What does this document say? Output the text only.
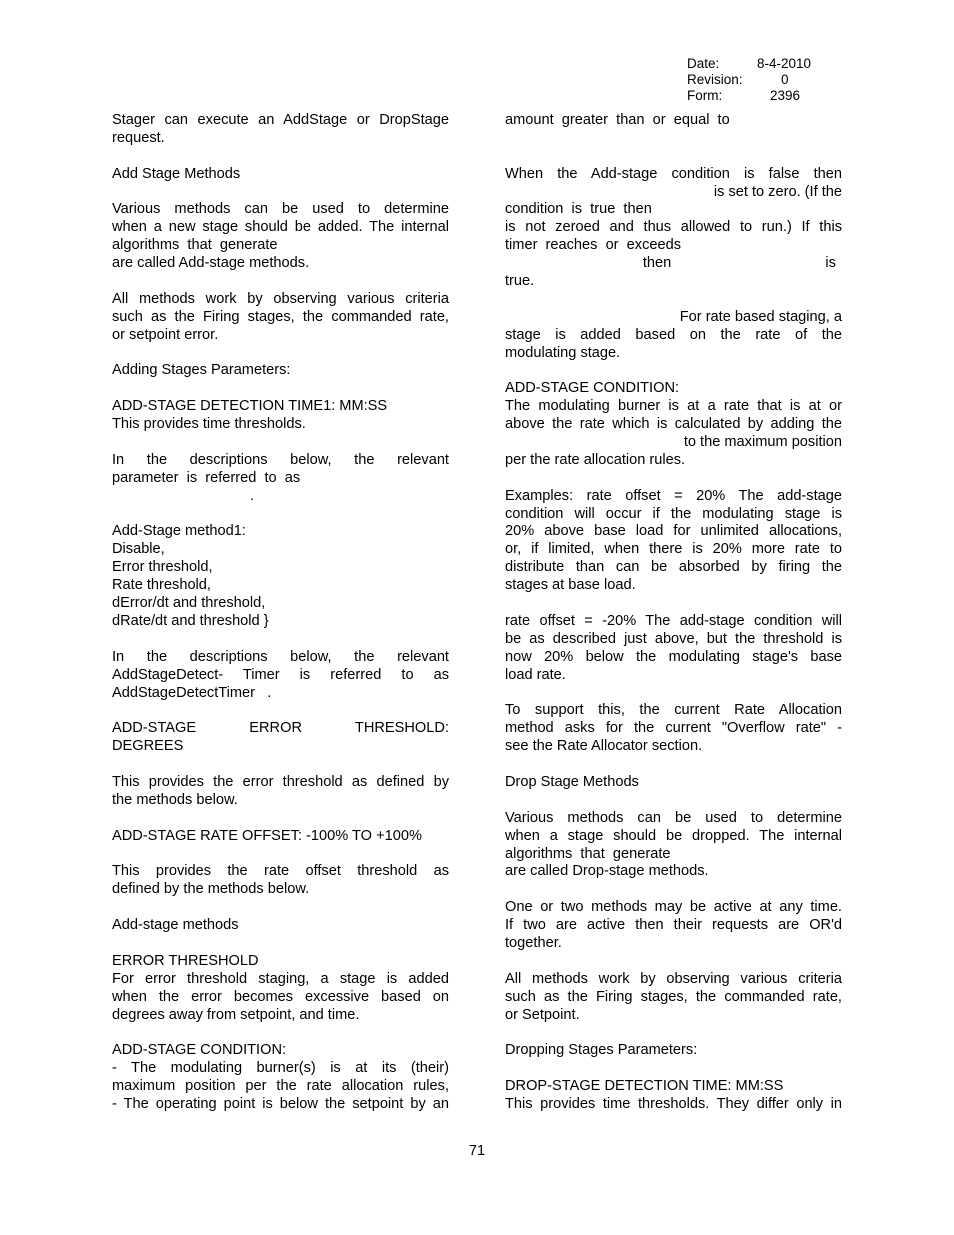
Date:	8-4-2010
Revision:	0
Form:	2396
Stager can execute an AddStage or DropStage
request.
Add Stage Methods
Various methods can be used to determine
when a new stage should be added. The internal
algorithms  that  generate
are called Add-stage methods.
All methods work by observing various criteria
such as the Firing stages, the commanded rate,
or setpoint error.
Adding Stages Parameters:
ADD-STAGE DETECTION TIME1: MM:SS
This provides time thresholds.
In the descriptions below, the relevant
parameter  is  referred  to  as
.
Add-Stage method1:
Disable,
Error threshold,
Rate threshold,
dError/dt and threshold,
dRate/dt and threshold }
In the descriptions below, the relevant
AddStageDetect- Timer is referred to as
AddStageDetectTimer   .
ADD-STAGE ERROR THRESHOLD:
DEGREES
This provides the error threshold as defined by
the methods below.
ADD-STAGE RATE OFFSET: -100% TO +100%
This provides the rate offset threshold as
defined by the methods below.
Add-stage methods
ERROR THRESHOLD
For error threshold staging, a stage is added
when the error becomes excessive based on
degrees away from setpoint, and time.
ADD-STAGE CONDITION:
- The modulating burner(s) is at its (their)
maximum position per the rate allocation rules,
- The operating point is below the setpoint by an
amount  greater  than  or  equal  to
When the Add-stage condition is false then
is set to zero. (If the
condition  is  true  then
is not zeroed and thus allowed to run.) If this
timer  reaches  or  exceeds
then                                      is
true.
For rate based staging, a
stage is added based on the rate of the
modulating stage.
ADD-STAGE CONDITION:
The modulating burner is at a rate that is at or
above the rate which is calculated by adding the
to the maximum position
per the rate allocation rules.
Examples: rate offset = 20% The add-stage
condition will occur if the modulating stage is
20% above base load for unlimited allocations,
or, if limited, when there is 20% more rate to
distribute than can be absorbed by firing the
stages at base load.
rate offset = -20% The add-stage condition will
be as described just above, but the threshold is
now 20% below the modulating stage's base
load rate.
To support this, the current Rate Allocation
method asks for the current "Overflow rate" -
see the Rate Allocator section.
Drop Stage Methods
Various methods can be used to determine
when a stage should be dropped. The internal
algorithms  that  generate
are called Drop-stage methods.
One or two methods may be active at any time.
If two are active then their requests are OR'd
together.
All methods work by observing various criteria
such as the Firing stages, the commanded rate,
or Setpoint.
Dropping Stages Parameters:
DROP-STAGE DETECTION TIME: MM:SS
This provides time thresholds. They differ only in
71
